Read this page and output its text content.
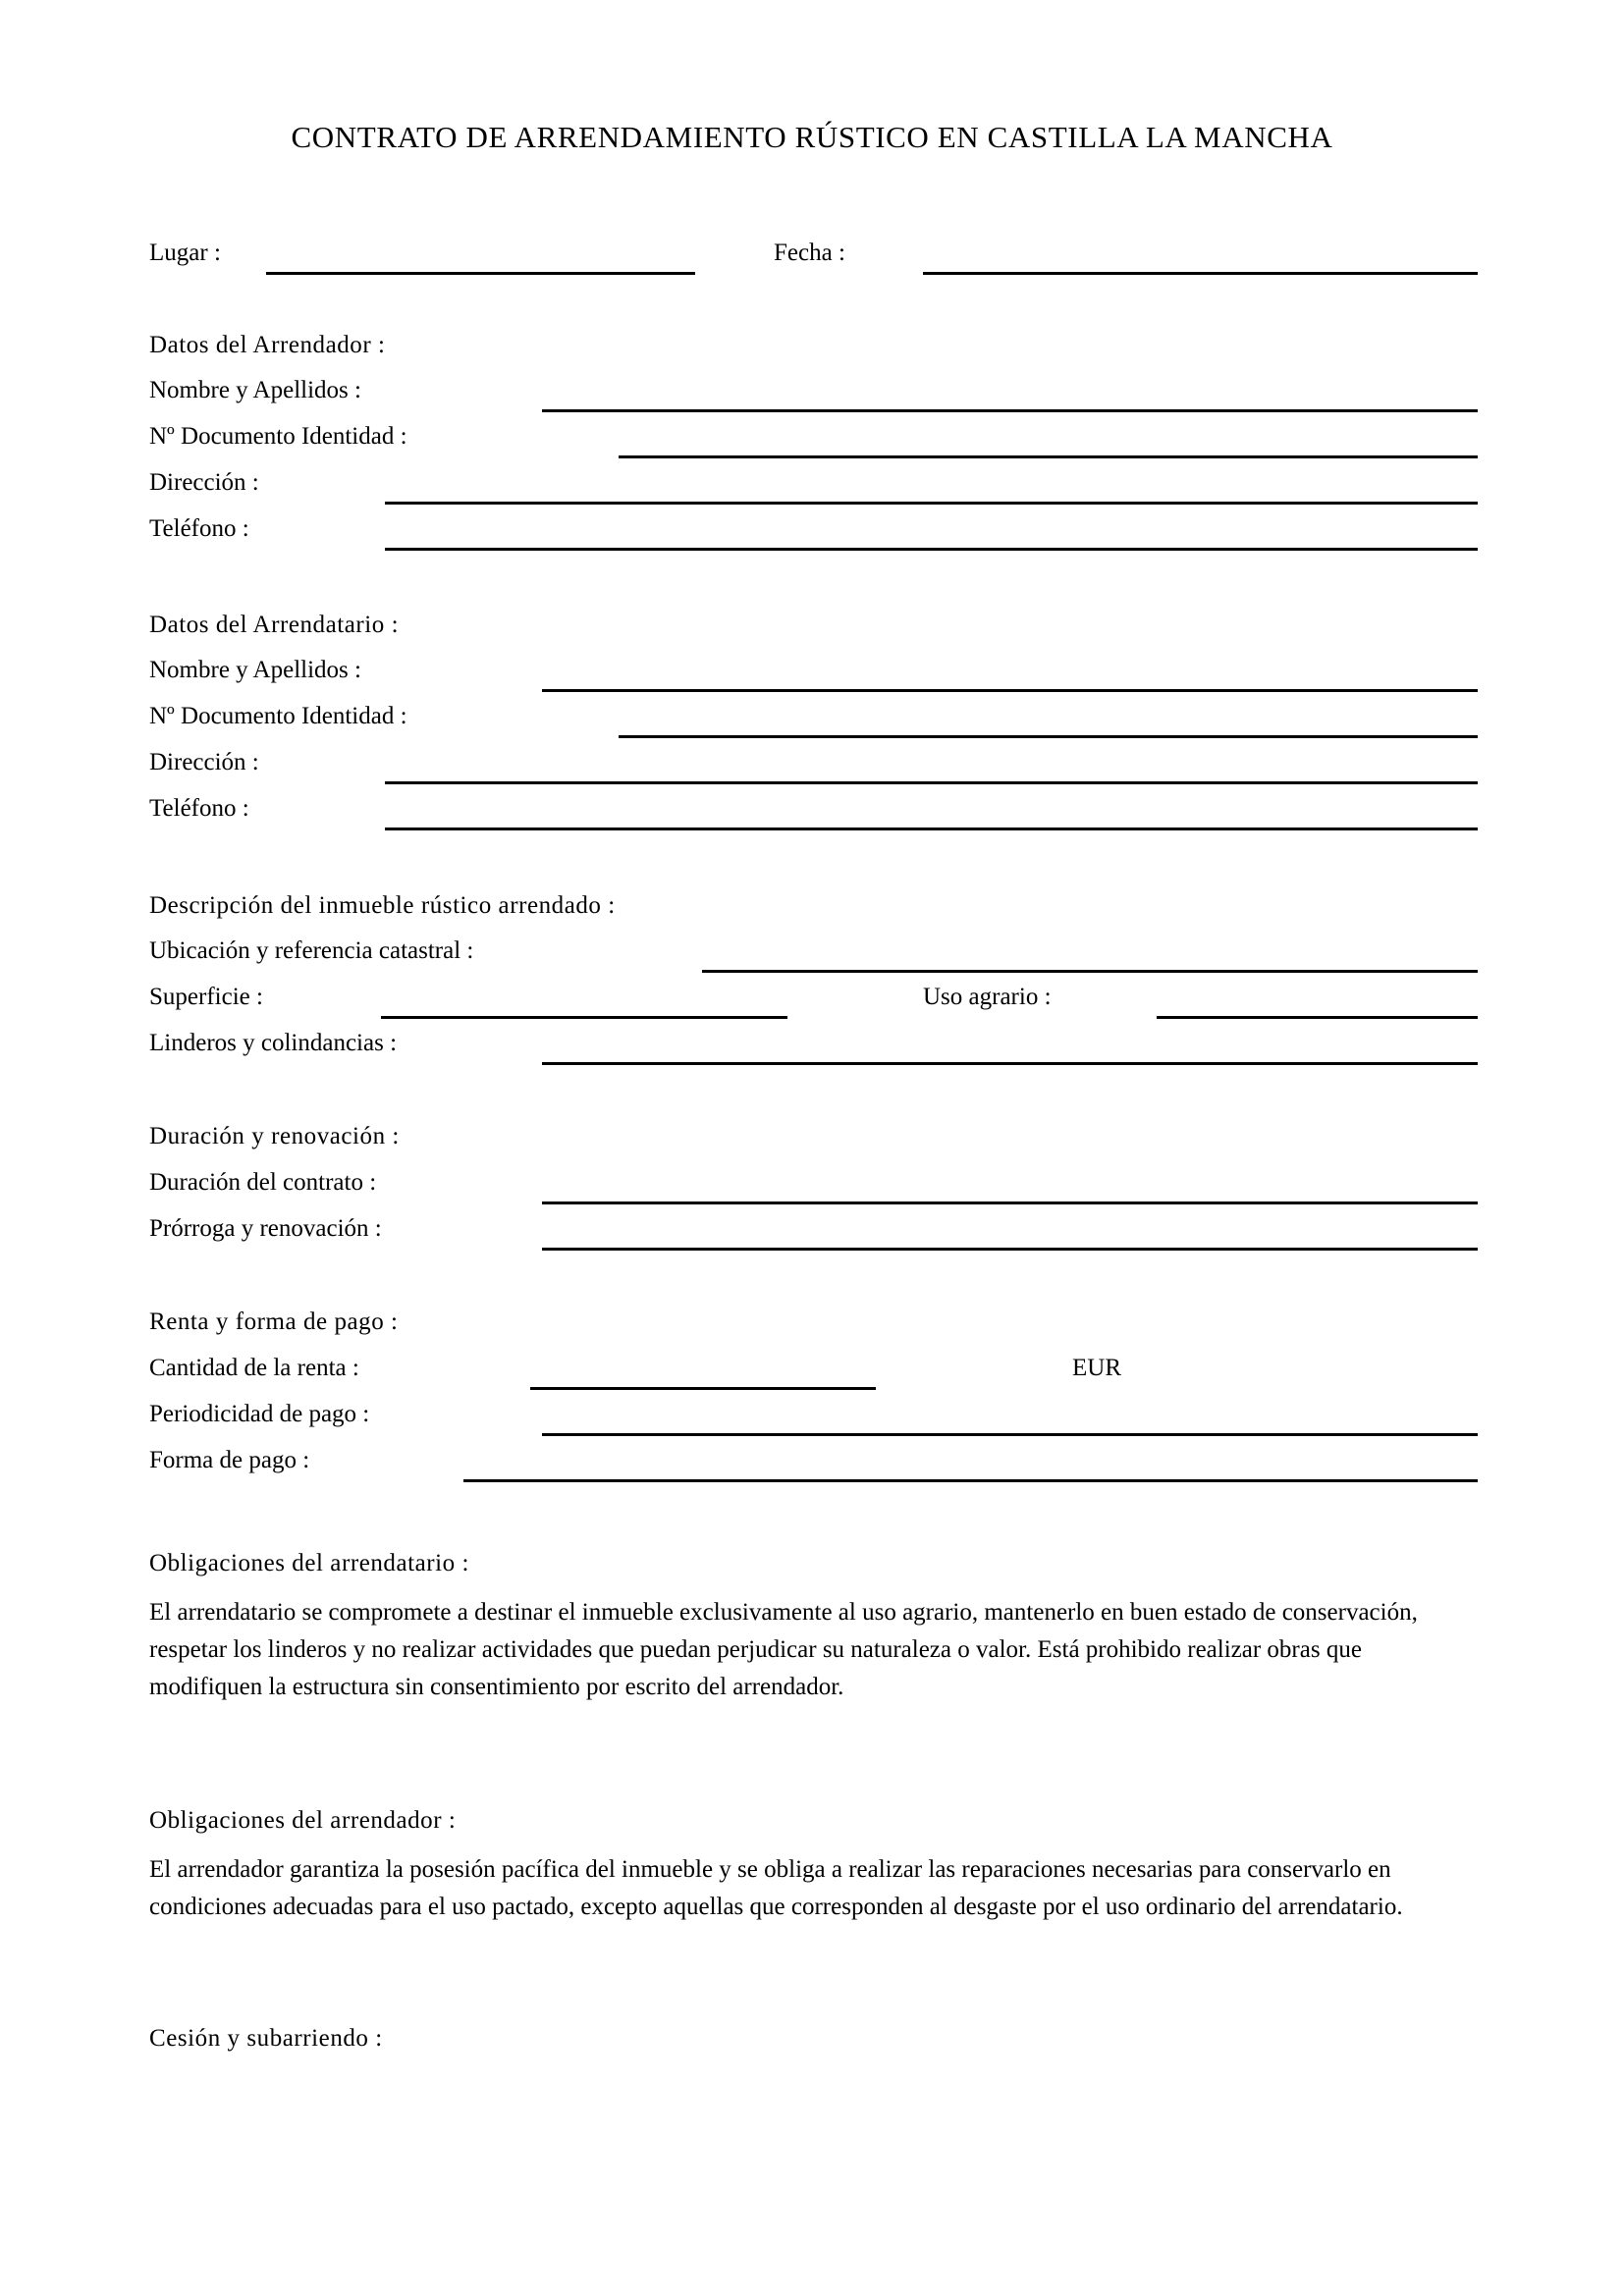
CONTRATO DE ARRENDAMIENTO RÚSTICO EN CASTILLA LA MANCHA
Lugar :	Fecha :
Datos del Arrendador :
Nombre y Apellidos :
Nº Documento Identidad :
Dirección :
Teléfono :
Datos del Arrendatario :
Nombre y Apellidos :
Nº Documento Identidad :
Dirección :
Teléfono :
Descripción del inmueble rústico arrendado :
Ubicación y referencia catastral :
Superficie :	Uso agrario :
Linderos y colindancias :
Duración y renovación :
Duración del contrato :
Prórroga y renovación :
Renta y forma de pago :
Cantidad de la renta :	EUR
Periodicidad de pago :
Forma de pago :
Obligaciones del arrendatario :
El arrendatario se compromete a destinar el inmueble exclusivamente al uso agrario, mantenerlo en buen estado de conservación, respetar los linderos y no realizar actividades que puedan perjudicar su naturaleza o valor. Está prohibido realizar obras que modifiquen la estructura sin consentimiento por escrito del arrendador.
Obligaciones del arrendador :
El arrendador garantiza la posesión pacífica del inmueble y se obliga a realizar las reparaciones necesarias para conservarlo en condiciones adecuadas para el uso pactado, excepto aquellas que corresponden al desgaste por el uso ordinario del arrendatario.
Cesión y subarriendo :
